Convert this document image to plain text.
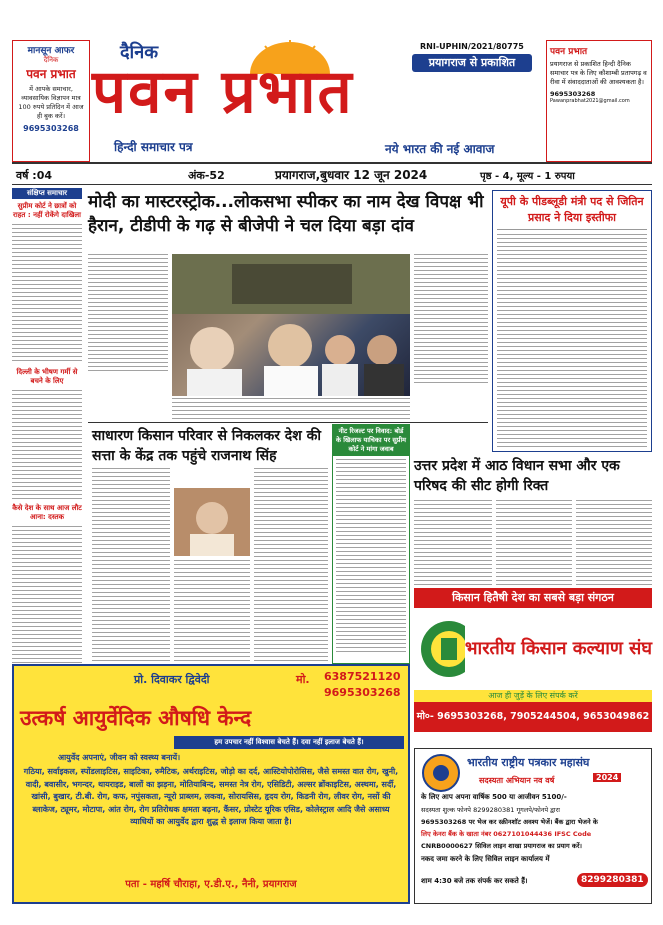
मानसून आफर
दैनिक
पवन प्रभात
में आपके समाचार, व्यावसायिक विज्ञापन मात्र 100 रुपये प्रतिदिन में आज ही बुक करें।
9695303268
दैनिक
पवन प्रभात
हिन्दी समाचार पत्र
RNI-UPHIN/2021/80775
प्रयागराज से प्रकाशित
नये भारत की नई आवाज
पवन प्रभात
प्रयागराज से प्रकाशित हिन्दी दैनिक समाचार पत्र के लिए कौशाम्बी प्रतापगढ़ व रीवा में संवाददाताओं की आवश्यकता है।
9695303268
Pawanprabhat2021@gmail.com
वर्ष :04	अंक-52	प्रयागराज,बुधवार 12 जून 2024	पृष्ठ - 4, मूल्य - 1 रुपया
संक्षिप्त समाचार
सुप्रीम कोर्ट ने छात्रों को राहत : नहीं रोकेंगे दाखिला
दिल्ली के भीषण गर्मी से बचने के लिए
कैसे देश के साथ आज लौट आना: दस्तक
मोदी का मास्टरस्ट्रोक...लोकसभा स्पीकर का नाम देख विपक्ष भी हैरान, टीडीपी के गढ़ से बीजेपी ने चल दिया बड़ा दांव
यूपी के पीडब्लूडी मंत्री पद से जितिन प्रसाद ने दिया इस्तीफा
साधारण किसान परिवार से निकलकर देश की सत्ता के केंद्र तक पहुंचे राजनाथ सिंह
नीट रिजल्ट पर विवाद: बोर्ड के खिलाफ याचिका पर सुप्रीम कोर्ट ने मांगा जवाब
उत्तर प्रदेश में आठ विधान सभा और एक परिषद की सीट होगी रिक्त
किसान हितैषी देश का सबसे बड़ा संगठन
भारतीय किसान कल्याण संघ
आज ही जुड़ें के लिए संपर्क करें
मो०- 9695303268, 7905244504, 9653049862
प्रो. दिवाकर द्विवेदी	मो. 6387521120
9695303268
उत्कर्ष आयुर्वेदिक औषधि केन्द
हम उपचार नहीं विश्वास बेचते हैं। दवा नहीं इलाज बेचते हैं।
आयुर्वेद अपनाएं, जीवन को स्वस्थ्य बनायें।
गठिया, सर्वाइकल, स्पोंडलाइटिस, साइटिका, रुमैटिक, अर्थराइटिस, जोड़ो का दर्द, आस्टियोपोरोसिस, जैसे समस्त वात रोग, खुनी, वादी, बवासीर, भगन्दर, थायराइड, बालों का झड़ना, मोतियाबिन्द, समस्त नेत्र रोग, एसिडिटी, अल्सर ब्रोंकाइटिस, अस्थमा, सर्दी, खांसी, बुखार, टी.बी. रोग, कफ, नपुंसकता, न्यूरो प्राब्लम, लकवा, सोरायसिस, हृदय रोग, किडनी रोग, लीवर रोग, नसों की ब्लाकेज, ट्यूमर, मोटापा, आंत रोग, रोग प्रतिरोधक क्षमता बढ़ना, कैंसर, प्रोस्टेट यूरिक एसिड, कोलेस्ट्राल आदि जैसे असाध्य व्याधियों का आयुर्वेद द्वारा शुद्ध से इलाज किया जाता है।
पता - महर्षि चौराहा, ए.डी.ए., नैनी, प्रयागराज
भारतीय राष्ट्रीय पत्रकार महासंघ
सदस्यता अभियान नव वर्ष	2024
के लिए आप अपना वार्षिक 500 या आजीवन 5100/-
सदस्यता शुल्क फोनपे 8299280381 गूगलपे/फोनपे द्वारा
9695303268 पर भेज कर स्क्रीनशॉट अवश्य भेजें। बैंक द्वारा भेजने के
लिए केनरा बैंक के खाता नंबर 0627101044436 IFSC Code
CNRB0000627 सिविल लाइन शाखा प्रयागराज का प्रयाग करें।
नकद जमा करने के लिए सिविल लाइन कार्यालय में
शाम 4:30 बजे तक संपर्क कर सकते हैं।	8299280381
